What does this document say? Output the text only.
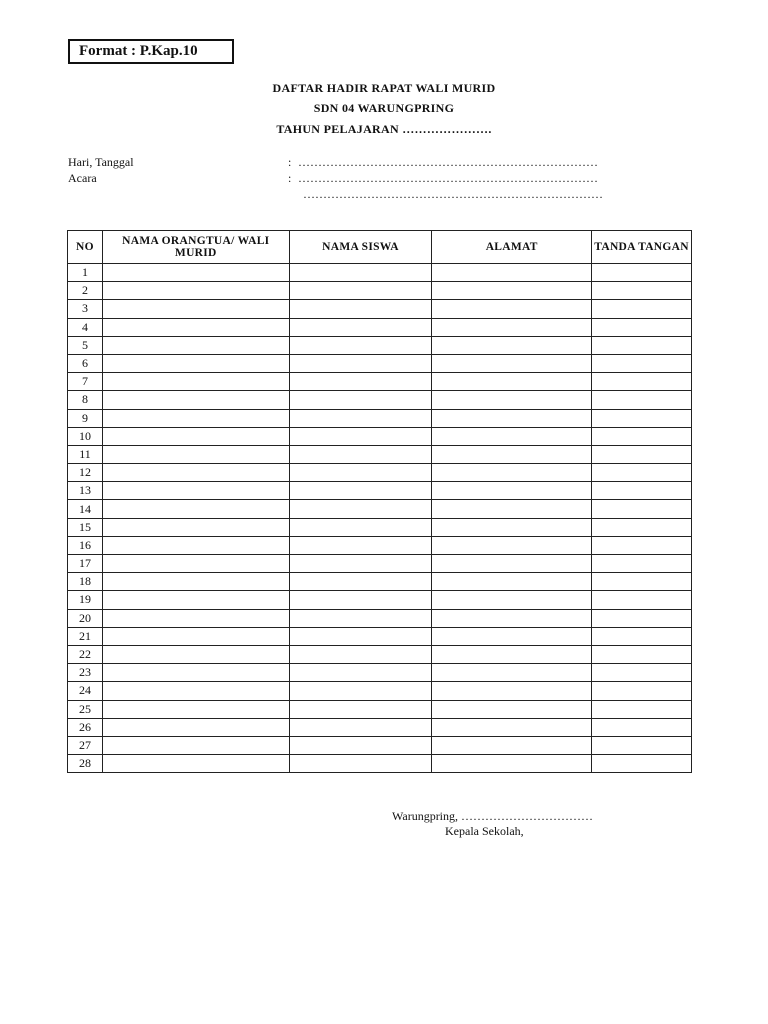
Format : P.Kap.10
DAFTAR HADIR RAPAT WALI MURID
SDN 04 WARUNGPRING
TAHUN PELAJARAN ………………….
Hari, Tanggal	: …………………………………………………………………
Acara	: …………………………………………………………………
…………………………………………………………………
NO	NAMA ORANGTUA/ WALI MURID	NAMA SISWA	ALAMAT	TANDA TANGAN
1				
2				
3				
4				
5				
6				
7				
8				
9				
10				
11				
12				
13				
14				
15				
16				
17				
18				
19				
20				
21				
22				
23				
24				
25				
26				
27				
28				
Warungpring, ……………………………
Kepala Sekolah,
